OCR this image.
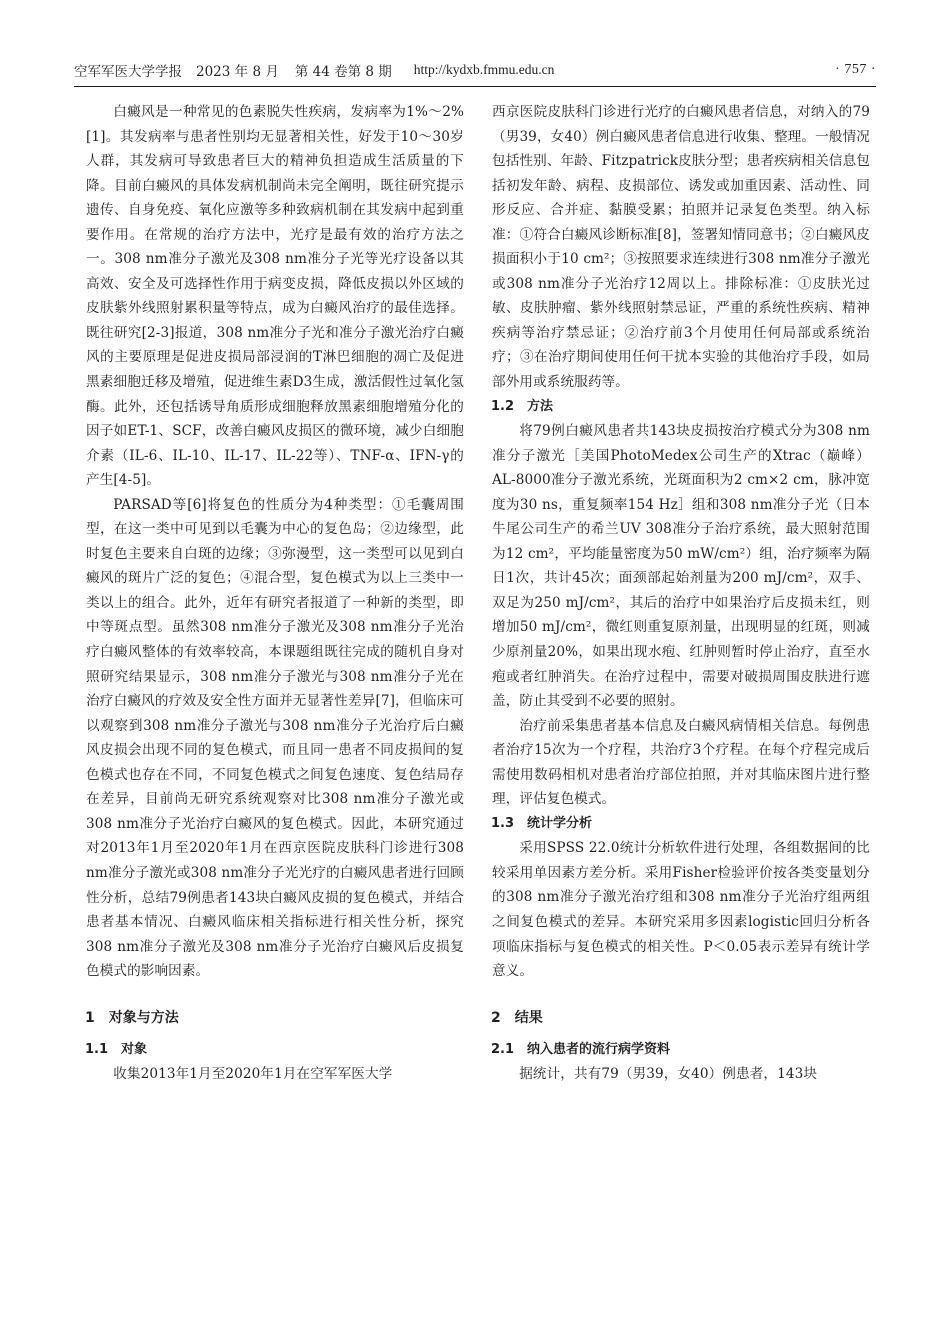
空军军医大学学报 2023 年 8 月 第 44 卷第 8 期 http://kydxb.fmmu.edu.cn	· 757 ·

白癜风是一种常见的色素脱失性疾病，发病率为1%～2%[1]。其发病率与患者性别均无显著相关性，好发于10～30岁人群，其发病可导致患者巨大的精神负担造成生活质量的下降。目前白癜风的具体发病机制尚未完全阐明，既往研究提示遗传、自身免疫、氧化应激等多种致病机制在其发病中起到重要作用。在常规的治疗方法中，光疗是最有效的治疗方法之一。308 nm准分子激光及308 nm准分子光等光疗设备以其高效、安全及可选择性作用于病变皮损，降低皮损以外区域的皮肤紫外线照射累积量等特点，成为白癜风治疗的最佳选择。既往研究[2-3]报道，308 nm准分子光和准分子激光治疗白癜风的主要原理是促进皮损局部浸润的T淋巴细胞的凋亡及促进黑素细胞迁移及增殖，促进维生素D3生成，激活假性过氧化氢酶。此外，还包括诱导角质形成细胞释放黑素细胞增殖分化的因子如ET-1、SCF，改善白癜风皮损区的微环境，减少白细胞介素（IL-6、IL-10、IL-17、IL-22等）、TNF-α、IFN-γ的产生[4-5]。

PARSAD等[6]将复色的性质分为4种类型：①毛囊周围型，在这一类中可见到以毛囊为中心的复色岛；②边缘型，此时复色主要来自白斑的边缘；③弥漫型，这一类型可以见到白癜风的斑片广泛的复色；④混合型，复色模式为以上三类中一类以上的组合。此外，近年有研究者报道了一种新的类型，即中等斑点型。虽然308 nm准分子激光及308 nm准分子光治疗白癜风整体的有效率较高，本课题组既往完成的随机自身对照研究结果显示，308 nm准分子激光与308 nm准分子光在治疗白癜风的疗效及安全性方面并无显著性差异[7]，但临床可以观察到308 nm准分子激光与308 nm准分子光治疗后白癜风皮损会出现不同的复色模式，而且同一患者不同皮损间的复色模式也存在不同，不同复色模式之间复色速度、复色结局存在差异，目前尚无研究系统观察对比308 nm准分子激光或308 nm准分子光治疗白癜风的复色模式。因此，本研究通过对2013年1月至2020年1月在西京医院皮肤科门诊进行308 nm准分子激光或308 nm准分子光光疗的白癜风患者进行回顾性分析，总结79例患者143块白癜风皮损的复色模式，并结合患者基本情况、白癜风临床相关指标进行相关性分析，探究308 nm准分子激光及308 nm准分子光治疗白癜风后皮损复色模式的影响因素。

1　对象与方法
1.1　对象

收集2013年1月至2020年1月在空军军医大学

西京医院皮肤科门诊进行光疗的白癜风患者信息，对纳入的79（男39，女40）例白癜风患者信息进行收集、整理。一般情况包括性别、年龄、Fitzpatrick皮肤分型；患者疾病相关信息包括初发年龄、病程、皮损部位、诱发或加重因素、活动性、同形反应、合并症、黏膜受累；拍照并记录复色类型。纳入标准：①符合白癜风诊断标准[8]，签署知情同意书；②白癜风皮损面积小于10 cm²；③按照要求连续进行308 nm准分子激光或308 nm准分子光治疗12周以上。排除标准：①皮肤光过敏、皮肤肿瘤、紫外线照射禁忌证，严重的系统性疾病、精神疾病等治疗禁忌证；②治疗前3个月使用任何局部或系统治疗；③在治疗期间使用任何干扰本实验的其他治疗手段，如局部外用或系统服药等。

1.2　方法

将79例白癜风患者共143块皮损按治疗模式分为308 nm准分子激光［美国PhotoMedex公司生产的Xtrac（巅峰）AL-8000准分子激光系统，光斑面积为2 cm×2 cm，脉冲宽度为30 ns，重复频率154 Hz］组和308 nm准分子光（日本牛尾公司生产的希兰UV 308准分子治疗系统，最大照射范围为12 cm²，平均能量密度为50 mW/cm²）组，治疗频率为隔日1次，共计45次；面颈部起始剂量为200 mJ/cm²，双手、双足为250 mJ/cm²，其后的治疗中如果治疗后皮损未红，则增加50 mJ/cm²，微红则重复原剂量，出现明显的红斑，则减少原剂量20%，如果出现水疱、红肿则暂时停止治疗，直至水疱或者红肿消失。在治疗过程中，需要对破损周围皮肤进行遮盖，防止其受到不必要的照射。

治疗前采集患者基本信息及白癜风病情相关信息。每例患者治疗15次为一个疗程，共治疗3个疗程。在每个疗程完成后需使用数码相机对患者治疗部位拍照，并对其临床图片进行整理，评估复色模式。

1.3　统计学分析

采用SPSS 22.0统计分析软件进行处理，各组数据间的比较采用单因素方差分析。采用Fisher检验评价按各类变量划分的308 nm准分子激光治疗组和308 nm准分子光治疗组两组之间复色模式的差异。本研究采用多因素logistic回归分析各项临床指标与复色模式的相关性。P＜0.05表示差异有统计学意义。

2　结果
2.1　纳入患者的流行病学资料

据统计，共有79（男39，女40）例患者，143块
